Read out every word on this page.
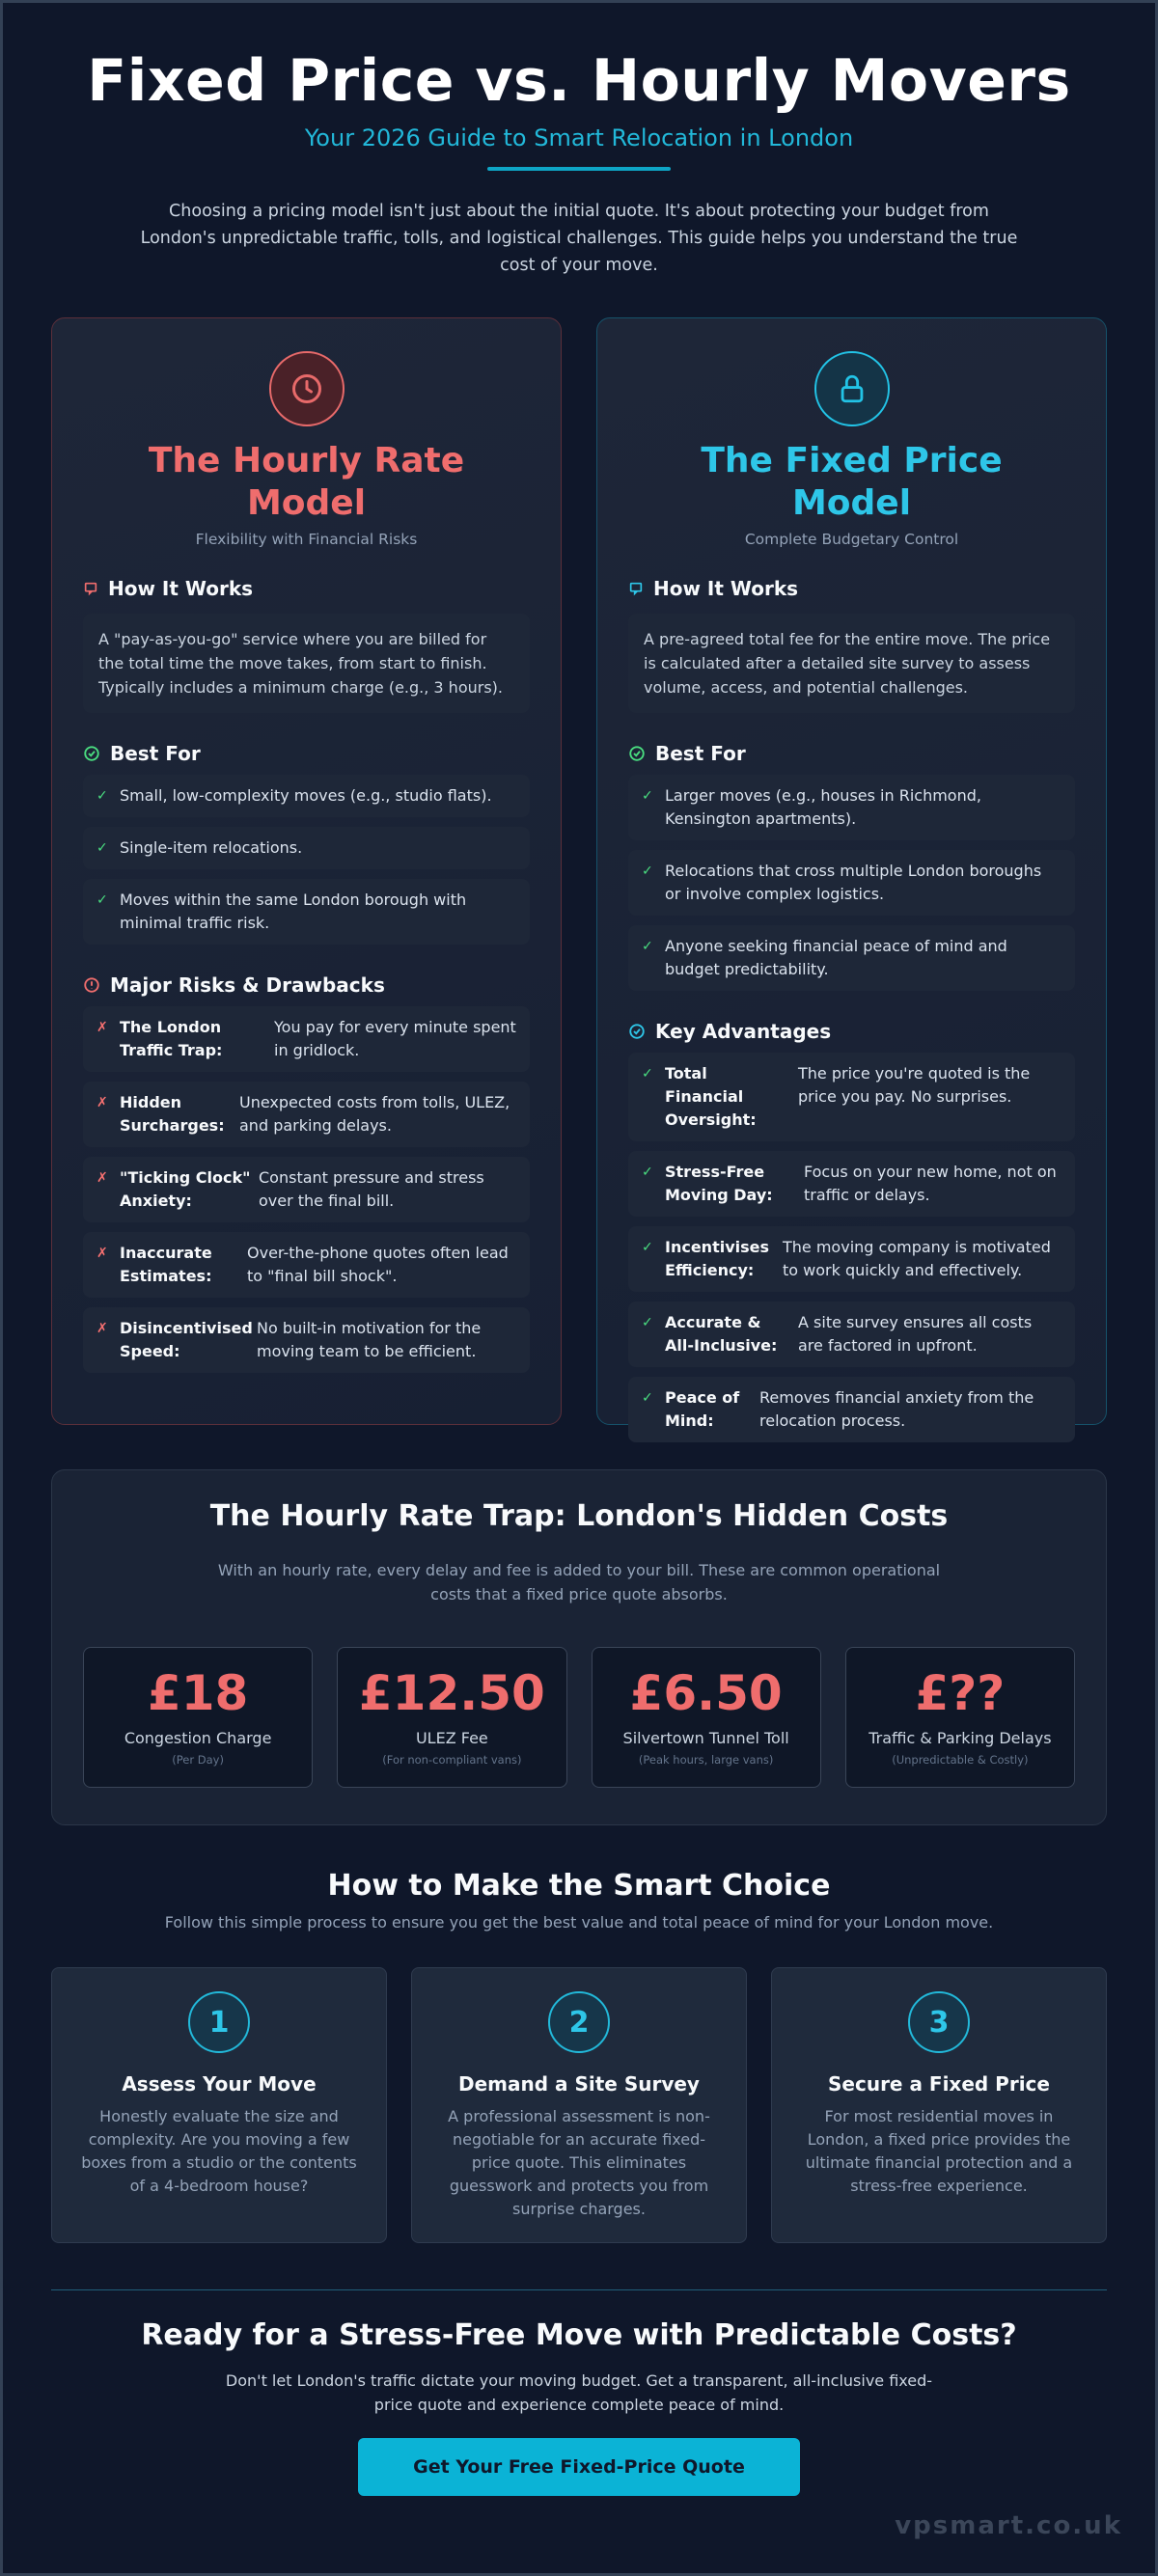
Fixed Price vs. Hourly Movers
Your 2026 Guide to Smart Relocation in London

Choosing a pricing model isn't just about the initial quote. It's about protecting your budget from London's unpredictable traffic, tolls, and logistical challenges. This guide helps you understand the true cost of your move.

The Hourly Rate Model
Flexibility with Financial Risks
How It Works
A "pay-as-you-go" service where you are billed for the total time the move takes, from start to finish. Typically includes a minimum charge (e.g., 3 hours).
Best For
✓ Small, low-complexity moves (e.g., studio flats).
✓ Single-item relocations.
✓ Moves within the same London borough with minimal traffic risk.
Major Risks & Drawbacks
✗ The London Traffic Trap:
You pay for every minute spent in gridlock.
✗ Hidden Surcharges:
Unexpected costs from tolls, ULEZ, and parking delays.
✗ "Ticking Clock" Anxiety:
Constant pressure and stress over the final bill.
✗ Inaccurate Estimates:
Over-the-phone quotes often lead to "final bill shock".
✗ Disincentivised Speed:
No built-in motivation for the moving team to be efficient.
The Fixed Price Model
Complete Budgetary Control
How It Works
A pre-agreed total fee for the entire move. The price is calculated after a detailed site survey to assess volume, access, and potential challenges.
Best For
✓ Larger moves (e.g., houses in Richmond, Kensington apartments).
✓ Relocations that cross multiple London boroughs or involve complex logistics.
✓ Anyone seeking financial peace of mind and budget predictability.
Key Advantages
✓ Total Financial Oversight:
The price you're quoted is the price you pay. No surprises.
✓ Stress-Free Moving Day:
Focus on your new home, not on traffic or delays.
✓ Incentivises Efficiency:
The moving company is motivated to work quickly and effectively.
✓ Accurate & All-Inclusive:
A site survey ensures all costs are factored in upfront.
✓ Peace of Mind:
Removes financial anxiety from the relocation process.
The Hourly Rate Trap: London's Hidden Costs
With an hourly rate, every delay and fee is added to your bill. These are common operational costs that a fixed price quote absorbs.
£18
Congestion Charge
(Per Day)
£12.50
ULEZ Fee
(For non-compliant vans)
£6.50
Silvertown Tunnel Toll
(Peak hours, large vans)
£??
Traffic & Parking Delays
(Unpredictable & Costly)
How to Make the Smart Choice
Follow this simple process to ensure you get the best value and total peace of mind for your London move.
1
Assess Your Move
Honestly evaluate the size and complexity. Are you moving a few boxes from a studio or the contents of a 4-bedroom house?
2
Demand a Site Survey
A professional assessment is non-negotiable for an accurate fixed-price quote. This eliminates guesswork and protects you from surprise charges.
3
Secure a Fixed Price
For most residential moves in London, a fixed price provides the ultimate financial protection and a stress-free experience.
Ready for a Stress-Free Move with Predictable Costs?
Don't let London's traffic dictate your moving budget. Get a transparent, all-inclusive fixed-price quote and experience complete peace of mind.
Get Your Free Fixed-Price Quote
vpsmart.co.uk
